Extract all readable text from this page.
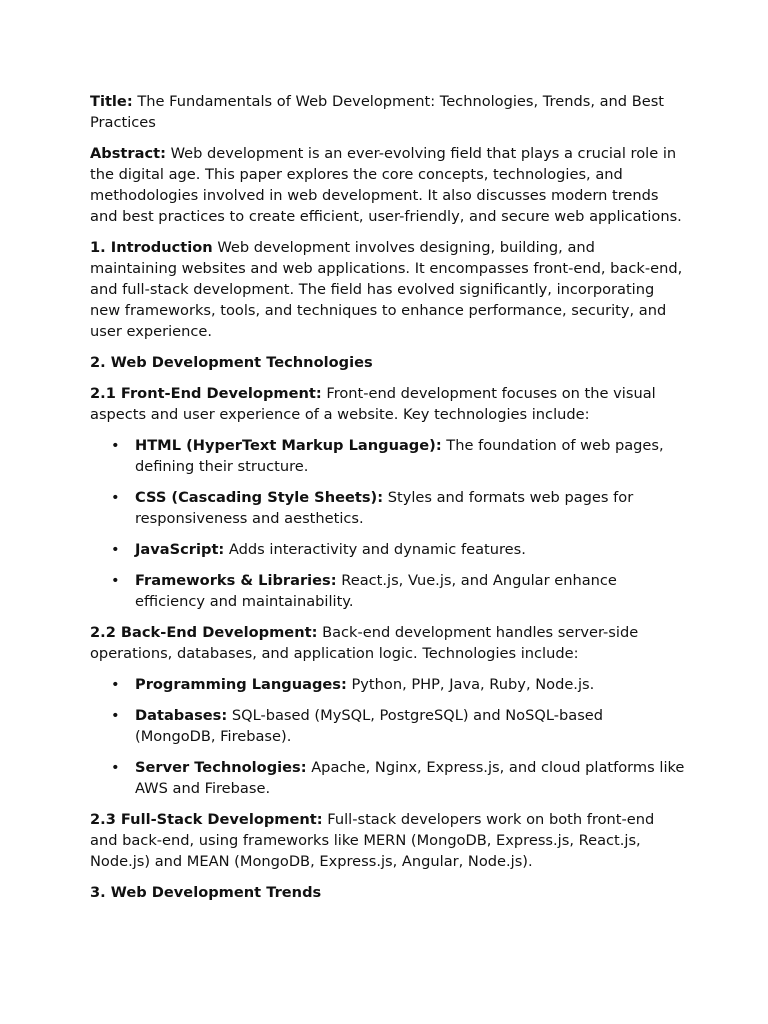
Title: The Fundamentals of Web Development: Technologies, Trends, and Best Practices

Abstract: Web development is an ever-evolving field that plays a crucial role in the digital age. This paper explores the core concepts, technologies, and methodologies involved in web development. It also discusses modern trends and best practices to create efficient, user-friendly, and secure web applications.

1. Introduction Web development involves designing, building, and maintaining websites and web applications. It encompasses front-end, back-end, and full-stack development. The field has evolved significantly, incorporating new frameworks, tools, and techniques to enhance performance, security, and user experience.

2. Web Development Technologies

2.1 Front-End Development: Front-end development focuses on the visual aspects and user experience of a website. Key technologies include:

• HTML (HyperText Markup Language): The foundation of web pages, defining their structure.
• CSS (Cascading Style Sheets): Styles and formats web pages for responsiveness and aesthetics.
• JavaScript: Adds interactivity and dynamic features.
• Frameworks & Libraries: React.js, Vue.js, and Angular enhance efficiency and maintainability.

2.2 Back-End Development: Back-end development handles server-side operations, databases, and application logic. Technologies include:

• Programming Languages: Python, PHP, Java, Ruby, Node.js.
• Databases: SQL-based (MySQL, PostgreSQL) and NoSQL-based (MongoDB, Firebase).
• Server Technologies: Apache, Nginx, Express.js, and cloud platforms like AWS and Firebase.

2.3 Full-Stack Development: Full-stack developers work on both front-end and back-end, using frameworks like MERN (MongoDB, Express.js, React.js, Node.js) and MEAN (MongoDB, Express.js, Angular, Node.js).

3. Web Development Trends
